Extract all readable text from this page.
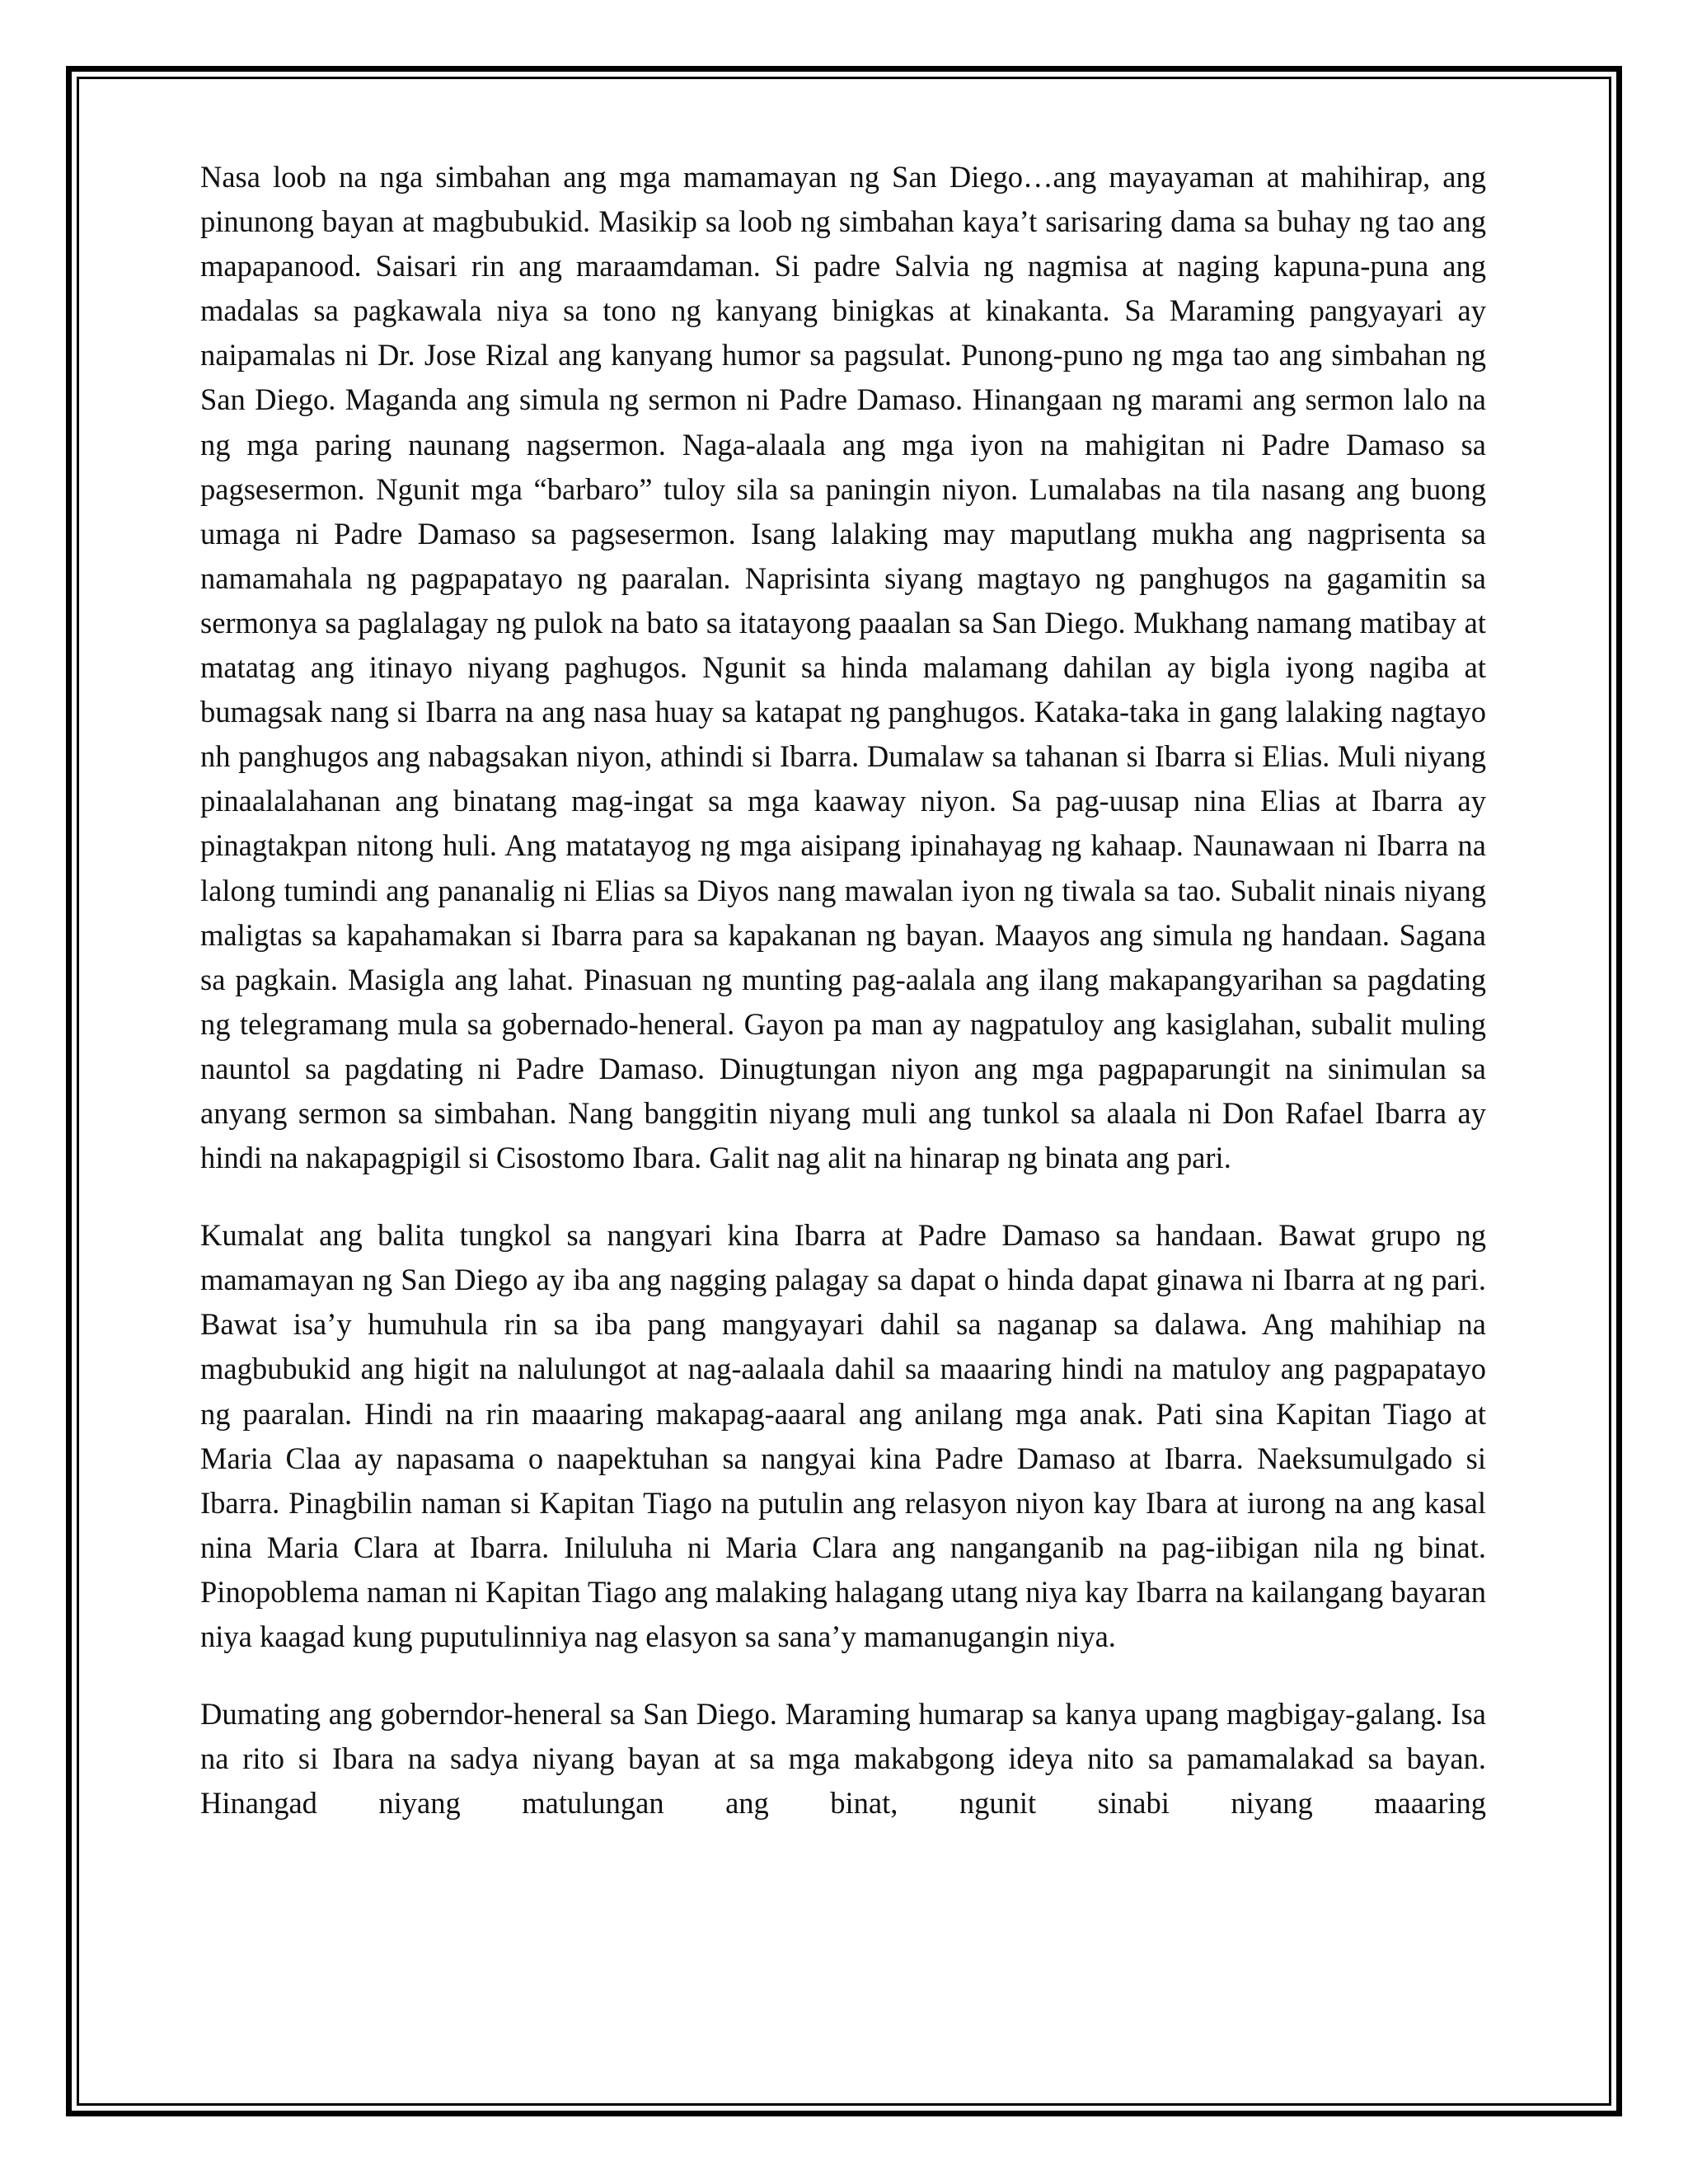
Nasa loob na nga simbahan ang mga mamamayan ng San Diego…ang mayayaman at mahihirap, ang pinunong bayan at magbubukid. Masikip sa loob ng simbahan kaya’t sarisaring dama sa buhay ng tao ang mapapanood. Saisari rin ang maraamdaman. Si padre Salvia ng nagmisa at naging kapuna-puna ang madalas sa pagkawala niya sa tono ng kanyang binigkas at kinakanta. Sa Maraming pangyayari ay naipamalas ni Dr. Jose Rizal ang kanyang humor sa pagsulat. Punong-puno ng mga tao ang simbahan ng San Diego. Maganda ang simula ng sermon ni Padre Damaso. Hinangaan ng marami ang sermon lalo na ng mga paring naunang nagsermon. Naga-alaala ang mga iyon na mahigitan ni Padre Damaso sa pagsesermon. Ngunit mga “barbaro” tuloy sila sa paningin niyon. Lumalabas na tila nasang ang buong umaga ni Padre Damaso sa pagsesermon. Isang lalaking may maputlang mukha ang nagprisenta sa namamahala ng pagpapatayo ng paaralan. Naprisinta siyang magtayo ng panghugos na gagamitin sa sermonya sa paglalagay ng pulok na bato sa itatayong paaalan sa San Diego. Mukhang namang matibay at matatag ang itinayo niyang paghugos. Ngunit sa hinda malamang dahilan ay bigla iyong nagiba at bumagsak nang si Ibarra na ang nasa huay sa katapat ng panghugos. Kataka-taka in gang lalaking nagtayo nh panghugos ang nabagsakan niyon, athindi si Ibarra. Dumalaw sa tahanan si Ibarra si Elias. Muli niyang pinaalalahanan ang binatang mag-ingat sa mga kaaway niyon. Sa pag-uusap nina Elias at Ibarra ay pinagtakpan nitong huli. Ang matatayog ng mga aisipang ipinahayag ng kahaap. Naunawaan ni Ibarra na lalong tumindi ang pananalig ni Elias sa Diyos nang mawalan iyon ng tiwala sa tao. Subalit ninais niyang maligtas sa kapahamakan si Ibarra para sa kapakanan ng bayan. Maayos ang simula ng handaan. Sagana sa pagkain. Masigla ang lahat. Pinasuan ng munting pag-aalala ang ilang makapangyarihan sa pagdating ng telegramang mula sa gobernado-heneral. Gayon pa man ay nagpatuloy ang kasiglahan, subalit muling nauntol sa pagdating ni Padre Damaso. Dinugtungan niyon ang mga pagpaparungit na sinimulan sa anyang sermon sa simbahan. Nang banggitin niyang muli ang tunkol sa alaala ni Don Rafael Ibarra ay hindi na nakapagpigil si Cisostomo Ibara. Galit nag alit na hinarap ng binata ang pari.

Kumalat ang balita tungkol sa nangyari kina Ibarra at Padre Damaso sa handaan. Bawat grupo ng mamamayan ng San Diego ay iba ang nagging palagay sa dapat o hinda dapat ginawa ni Ibarra at ng pari. Bawat isa’y humuhula rin sa iba pang mangyayari dahil sa naganap sa dalawa. Ang mahihiap na magbubukid ang higit na nalulungot at nag-aalaala dahil sa maaaring hindi na matuloy ang pagpapatayo ng paaralan. Hindi na rin maaaring makapag-aaaral ang anilang mga anak. Pati sina Kapitan Tiago at Maria Claa ay napasama o naapektuhan sa nangyai kina Padre Damaso at Ibarra. Naeksumulgado si Ibarra. Pinagbilin naman si Kapitan Tiago na putulin ang relasyon niyon kay Ibara at iurong na ang kasal nina Maria Clara at Ibarra. Iniluluha ni Maria Clara ang nanganganib na pag-iibigan nila ng binat. Pinopoblema naman ni Kapitan Tiago ang malaking halagang utang niya kay Ibarra na kailangang bayaran niya kaagad kung puputulinniya nag elasyon sa sana’y mamanugangin niya.

Dumating ang goberndor-heneral sa San Diego. Maraming humarap sa kanya upang magbigay-galang. Isa na rito si Ibara na sadya niyang bayan at sa mga makabgong ideya nito sa pamamalakad sa bayan. Hinangad niyang matulungan ang binat, ngunit sinabi niyang maaaring
